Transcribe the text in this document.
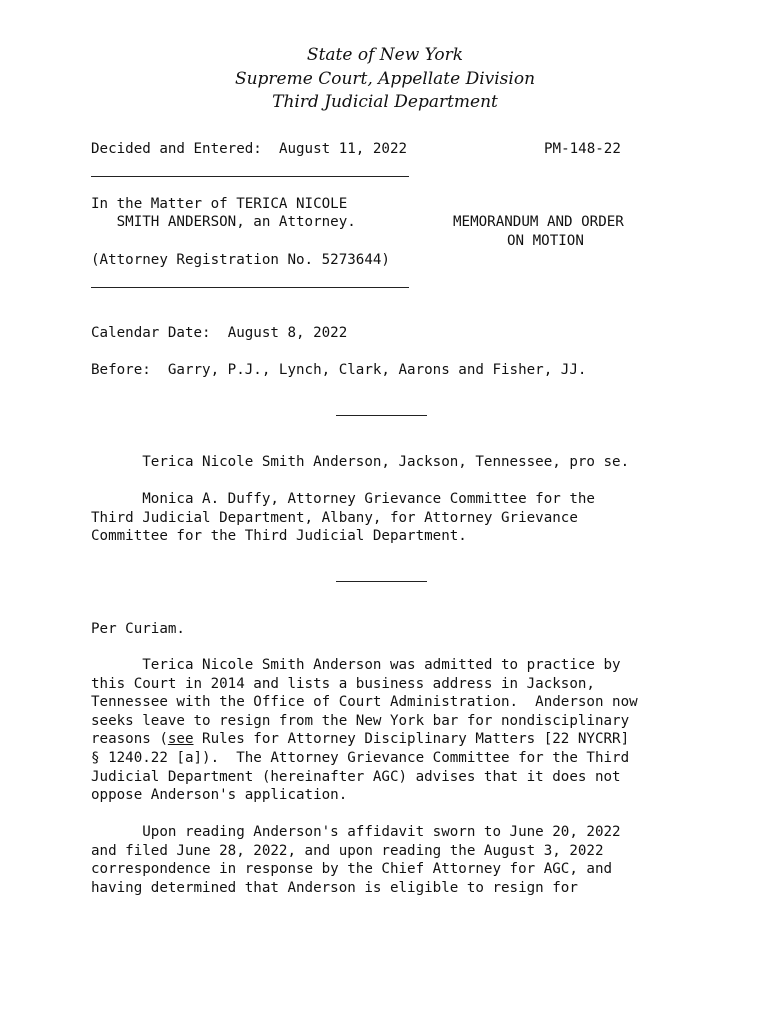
State of New York
Supreme Court, Appellate Division
Third Judicial Department
Decided and Entered: August 11, 2022	PM-148-22
In the Matter of TERICA NICOLE
SMITH ANDERSON, an Attorney.
(Attorney Registration No. 5273644)
MEMORANDUM AND ORDER
ON MOTION
Calendar Date: August 8, 2022
Before: Garry, P.J., Lynch, Clark, Aarons and Fisher, JJ.
Terica Nicole Smith Anderson, Jackson, Tennessee, pro se.
Monica A. Duffy, Attorney Grievance Committee for the
Third Judicial Department, Albany, for Attorney Grievance
Committee for the Third Judicial Department.
Per Curiam.
Terica Nicole Smith Anderson was admitted to practice by
this Court in 2014 and lists a business address in Jackson,
Tennessee with the Office of Court Administration.  Anderson now
seeks leave to resign from the New York bar for nondisciplinary
reasons (see Rules for Attorney Disciplinary Matters [22 NYCRR]
§ 1240.22 [a]).  The Attorney Grievance Committee for the Third
Judicial Department (hereinafter AGC) advises that it does not
oppose Anderson's application.
Upon reading Anderson's affidavit sworn to June 20, 2022
and filed June 28, 2022, and upon reading the August 3, 2022
correspondence in response by the Chief Attorney for AGC, and
having determined that Anderson is eligible to resign for
